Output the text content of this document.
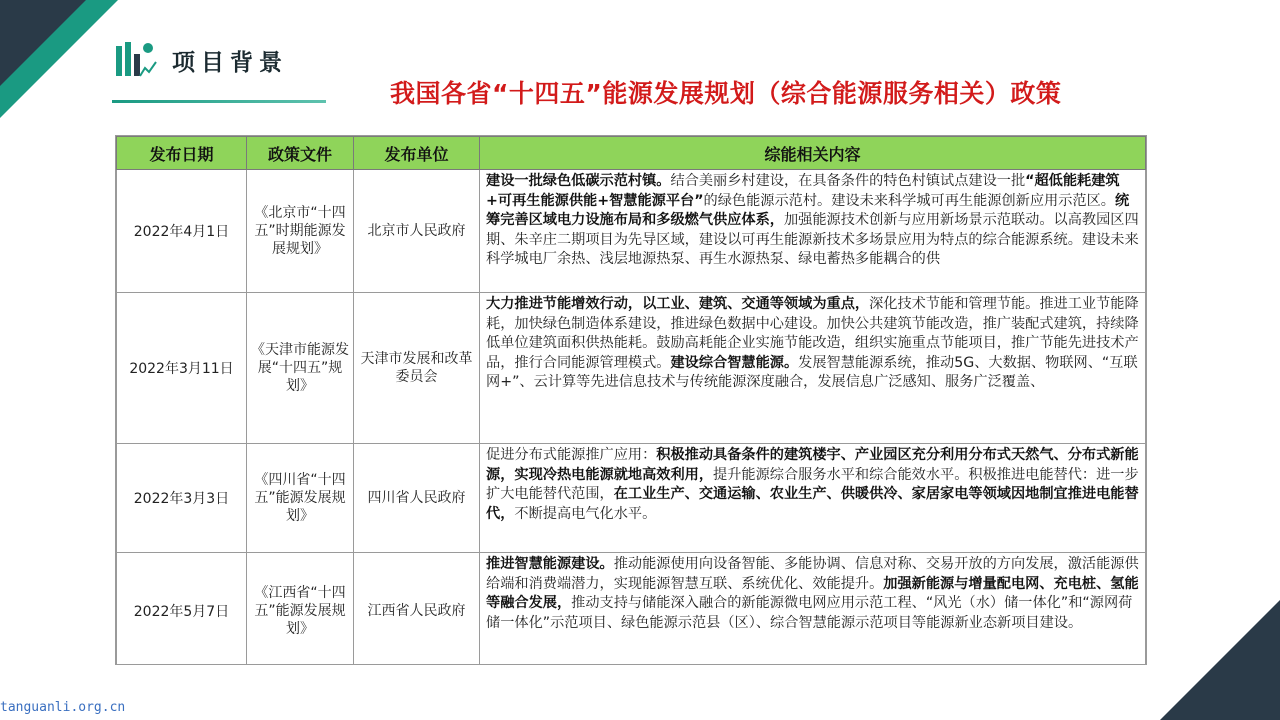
项目背景
我国各省“十四五”能源发展规划（综合能源服务相关）政策
发布日期	政策文件	发布单位	综能相关内容
2022年4月1日	《北京市“十四五”时期能源发展规划》	北京市人民政府	建设一批绿色低碳示范村镇。结合美丽乡村建设，在具备条件的特色村镇试点建设一批“超低能耗建筑+可再生能源供能+智慧能源平台”的绿色能源示范村。建设未来科学城可再生能源创新应用示范区。统筹完善区域电力设施布局和多级燃气供应体系，加强能源技术创新与应用新场景示范联动。以高教园区四期、朱辛庄二期项目为先导区域，建设以可再生能源新技术多场景应用为特点的综合能源系统。建设未来科学城电厂余热、浅层地源热泵、再生水源热泵、绿电蓄热多能耦合的供

2022年3月11日	《天津市能源发展“十四五”规划》	天津市发展和改革委员会	大力推进节能增效行动，以工业、建筑、交通等领域为重点，深化技术节能和管理节能。推进工业节能降耗，加快绿色制造体系建设，推进绿色数据中心建设。加快公共建筑节能改造，推广装配式建筑，持续降低单位建筑面积供热能耗。鼓励高耗能企业实施节能改造，组织实施重点节能项目，推广节能先进技术产品，推行合同能源管理模式。建设综合智慧能源。发展智慧能源系统，推动5G、大数据、物联网、“互联网+”、云计算等先进信息技术与传统能源深度融合，发展信息广泛感知、服务广泛覆盖、

2022年3月3日	《四川省“十四五”能源发展规划》	四川省人民政府	促进分布式能源推广应用：积极推动具备条件的建筑楼宇、产业园区充分利用分布式天然气、分布式新能源，实现冷热电能源就地高效利用，提升能源综合服务水平和综合能效水平。积极推进电能替代：进一步扩大电能替代范围，在工业生产、交通运输、农业生产、供暖供冷、家居家电等领域因地制宜推进电能替代，不断提高电气化水平。

2022年5月7日	《江西省“十四五”能源发展规划》	江西省人民政府	推进智慧能源建设。推动能源使用向设备智能、多能协调、信息对称、交易开放的方向发展，激活能源供给端和消费端潜力，实现能源智慧互联、系统优化、效能提升。加强新能源与增量配电网、充电桩、氢能等融合发展，推动支持与储能深入融合的新能源微电网应用示范工程、“风光（水）储一体化”和“源网荷储一体化”示范项目、绿色能源示范县（区）、综合智慧能源示范项目等能源新业态新项目建设。
tanguanli.org.cn
